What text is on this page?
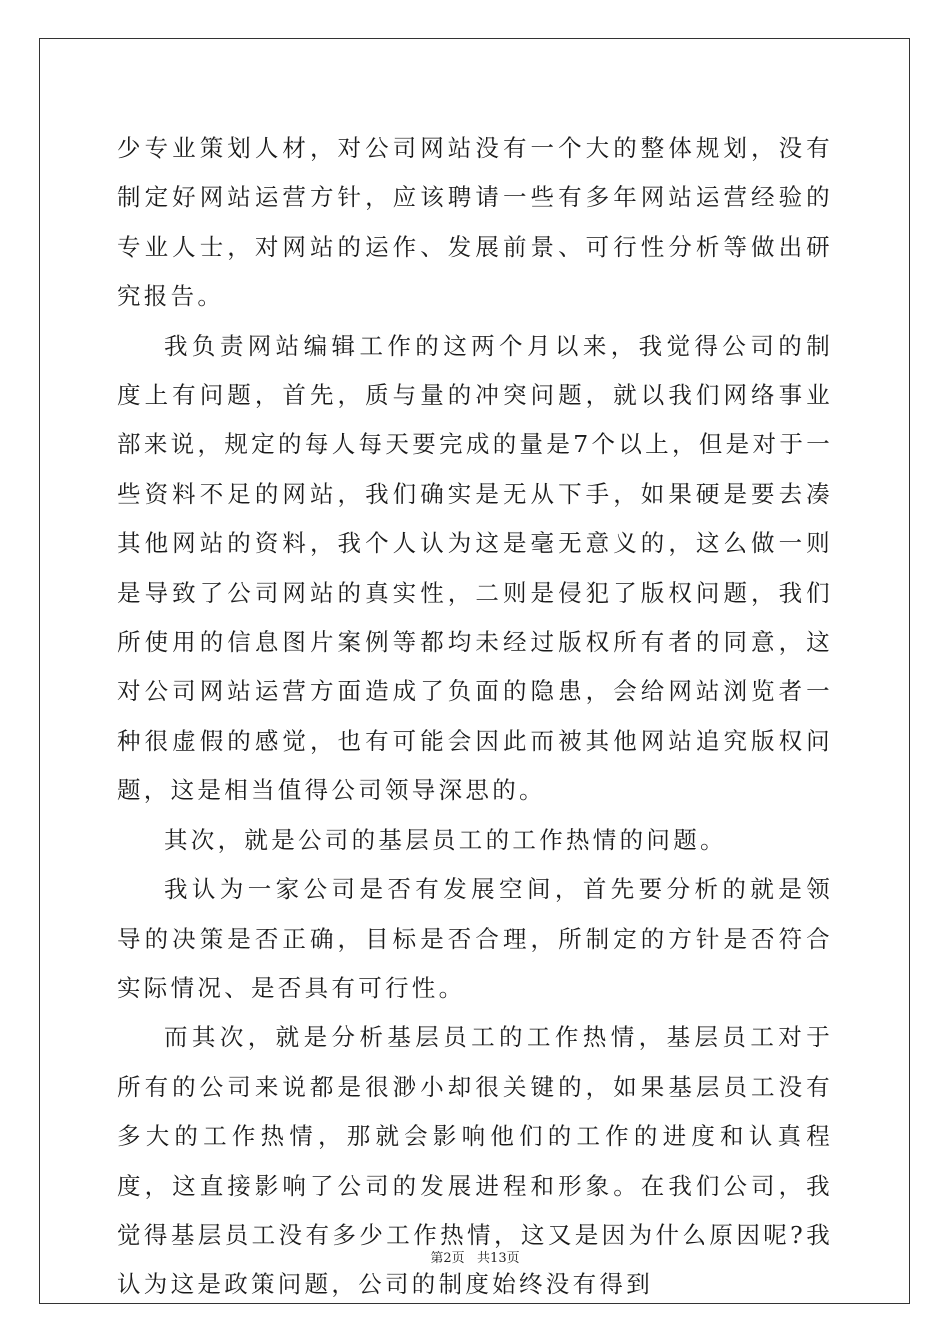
少专业策划人材，对公司网站没有一个大的整体规划，没有制定好网站运营方针，应该聘请一些有多年网站运营经验的专业人士，对网站的运作、发展前景、可行性分析等做出研究报告。

我负责网站编辑工作的这两个月以来，我觉得公司的制度上有问题，首先，质与量的冲突问题，就以我们网络事业部来说，规定的每人每天要完成的量是7个以上，但是对于一些资料不足的网站，我们确实是无从下手，如果硬是要去凑其他网站的资料，我个人认为这是毫无意义的，这么做一则是导致了公司网站的真实性，二则是侵犯了版权问题，我们所使用的信息图片案例等都均未经过版权所有者的同意，这对公司网站运营方面造成了负面的隐患，会给网站浏览者一种很虚假的感觉，也有可能会因此而被其他网站追究版权问题，这是相当值得公司领导深思的。

其次，就是公司的基层员工的工作热情的问题。

我认为一家公司是否有发展空间，首先要分析的就是领导的决策是否正确，目标是否合理，所制定的方针是否符合实际情况、是否具有可行性。

而其次，就是分析基层员工的工作热情，基层员工对于所有的公司来说都是很渺小却很关键的，如果基层员工没有多大的工作热情，那就会影响他们的工作的进度和认真程度，这直接影响了公司的发展进程和形象。在我们公司，我觉得基层员工没有多少工作热情，这又是因为什么原因呢?我认为这是政策问题，公司的制度始终没有得到

第2页   共13页
